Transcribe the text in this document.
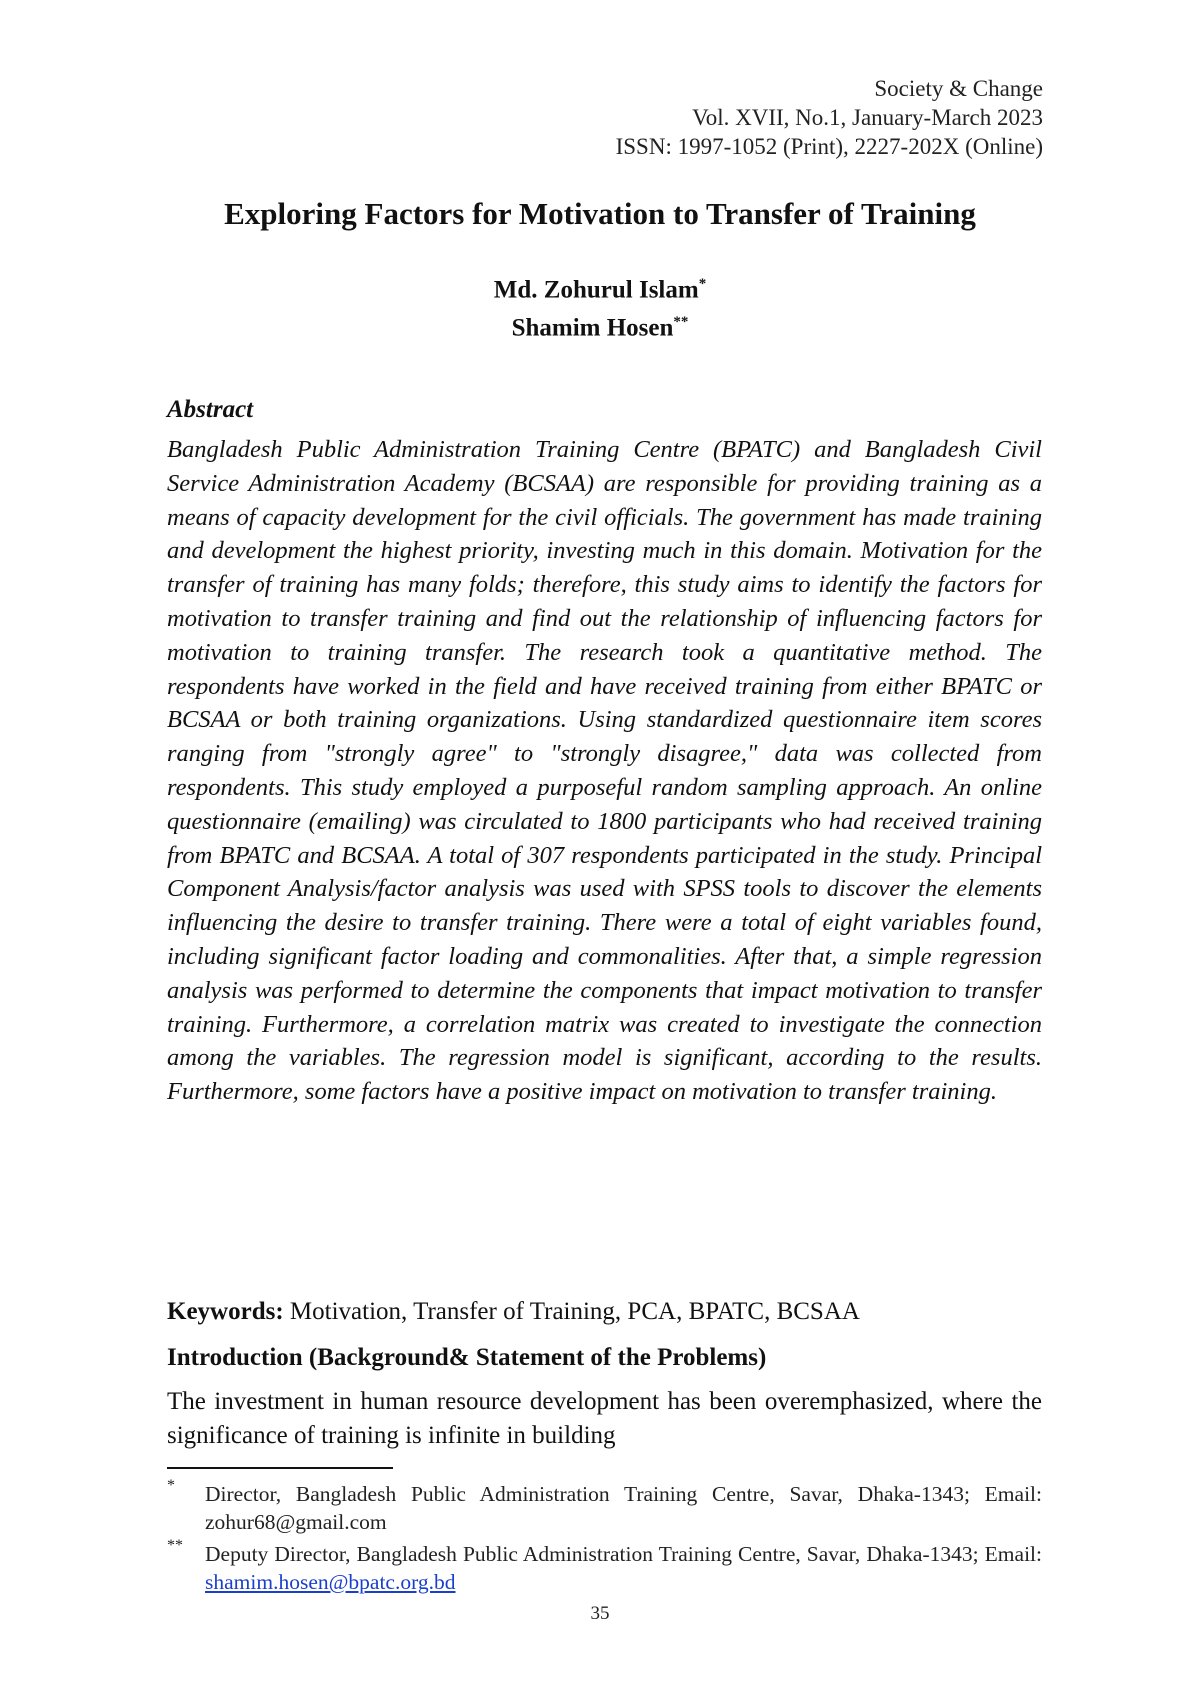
Society & Change
Vol. XVII, No.1, January-March 2023
ISSN: 1997-1052 (Print), 2227-202X (Online)
Exploring Factors for Motivation to Transfer of Training
Md. Zohurul Islam*
Shamim Hosen**
Abstract
Bangladesh Public Administration Training Centre (BPATC) and Bangladesh Civil Service Administration Academy (BCSAA) are responsible for providing training as a means of capacity development for the civil officials. The government has made training and development the highest priority, investing much in this domain. Motivation for the transfer of training has many folds; therefore, this study aims to identify the factors for motivation to transfer training and find out the relationship of influencing factors for motivation to training transfer. The research took a quantitative method. The respondents have worked in the field and have received training from either BPATC or BCSAA or both training organizations. Using standardized questionnaire item scores ranging from "strongly agree" to "strongly disagree," data was collected from respondents. This study employed a purposeful random sampling approach. An online questionnaire (emailing) was circulated to 1800 participants who had received training from BPATC and BCSAA. A total of 307 respondents participated in the study. Principal Component Analysis/factor analysis was used with SPSS tools to discover the elements influencing the desire to transfer training. There were a total of eight variables found, including significant factor loading and commonalities. After that, a simple regression analysis was performed to determine the components that impact motivation to transfer training. Furthermore, a correlation matrix was created to investigate the connection among the variables. The regression model is significant, according to the results. Furthermore, some factors have a positive impact on motivation to transfer training.
Keywords: Motivation, Transfer of Training, PCA, BPATC, BCSAA
Introduction (Background& Statement of the Problems)
The investment in human resource development has been overemphasized, where the significance of training is infinite in building
* Director, Bangladesh Public Administration Training Centre, Savar, Dhaka-1343; Email: zohur68@gmail.com
** Deputy Director, Bangladesh Public Administration Training Centre, Savar, Dhaka-1343; Email: shamim.hosen@bpatc.org.bd
35
